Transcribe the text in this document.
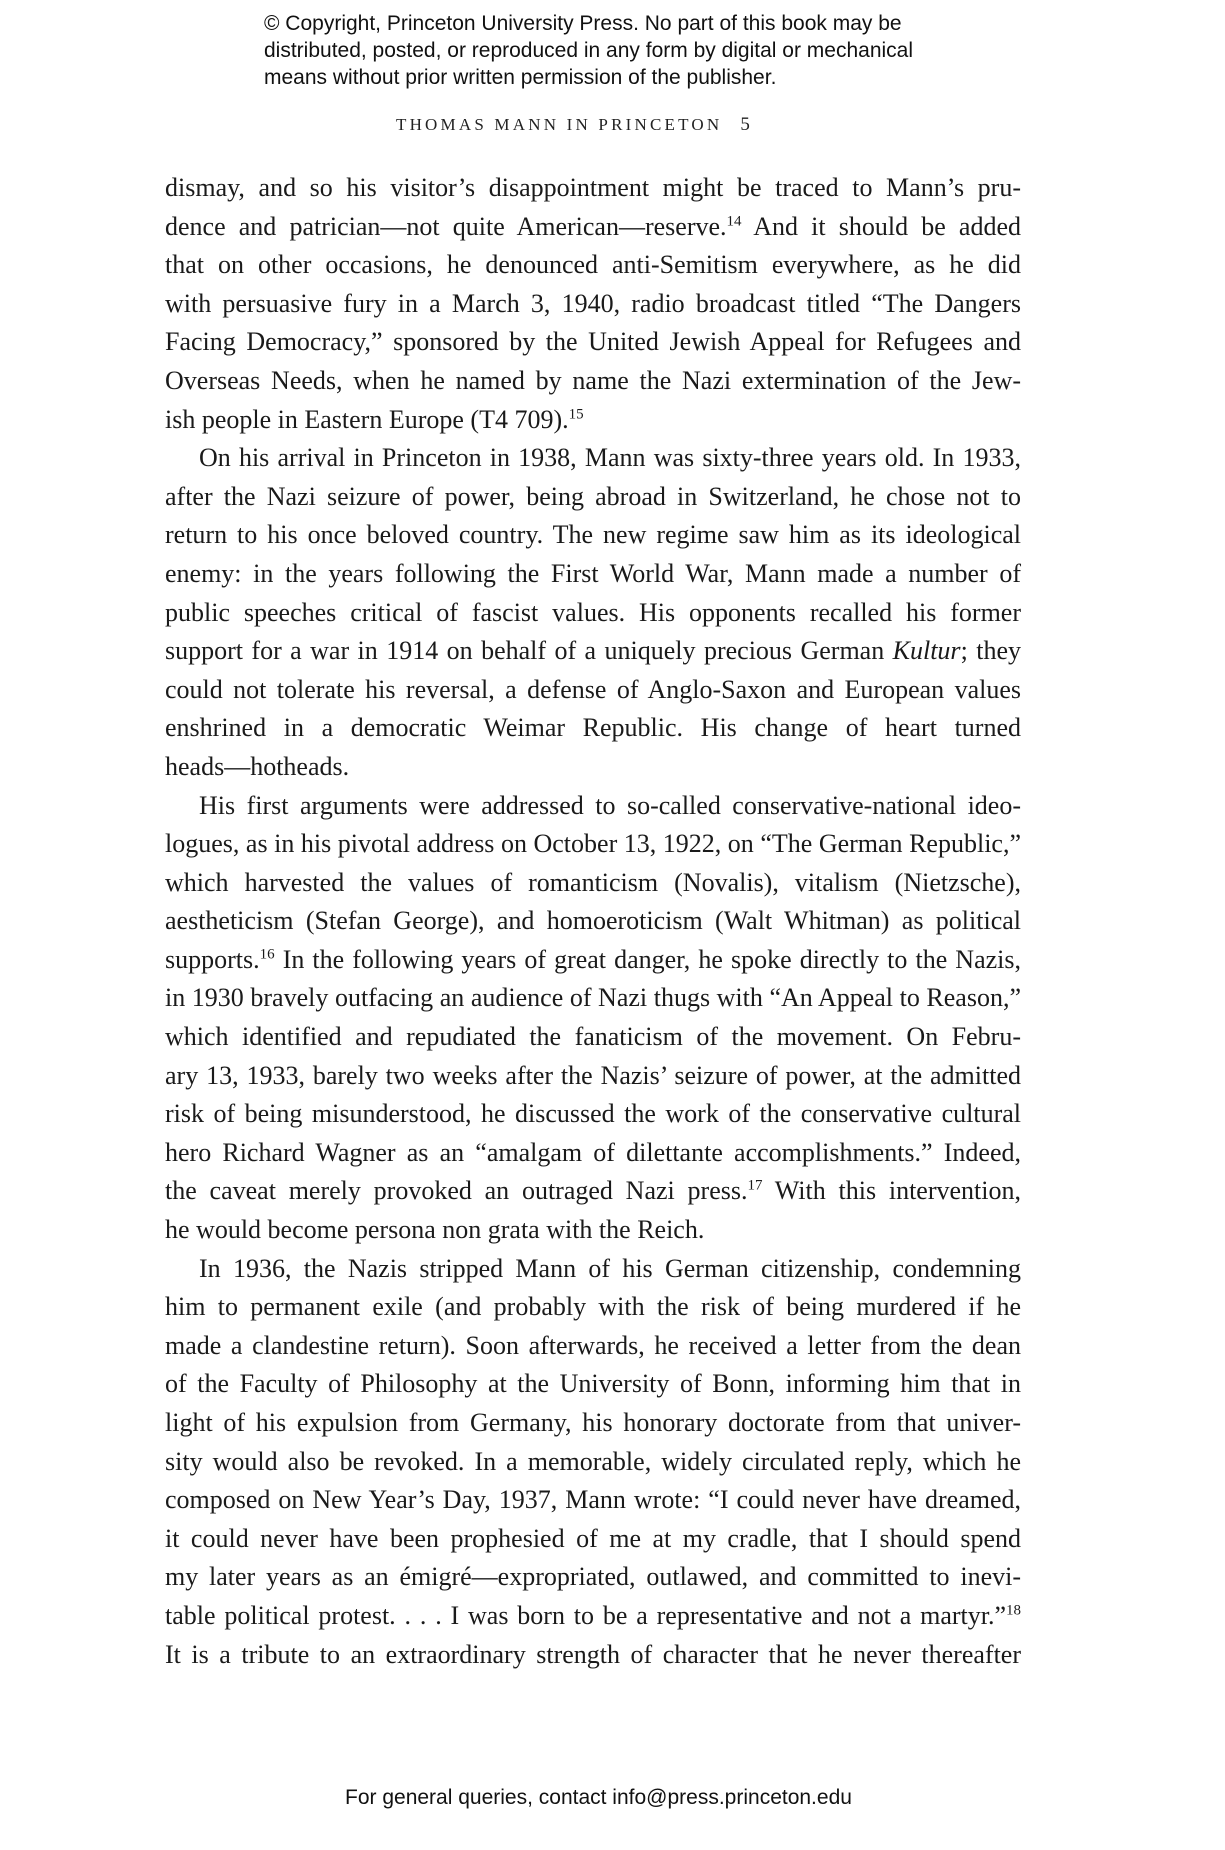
© Copyright, Princeton University Press. No part of this book may be
distributed, posted, or reproduced in any form by digital or mechanical
means without prior written permission of the publisher.
THOMAS MANN IN PRINCETON 5
dismay, and so his visitor’s disappointment might be traced to Mann’s pru-
dence and patrician—not quite American—reserve.$^{14}$ And it should be added
that on other occasions, he denounced anti-Semitism everywhere, as he did
with persuasive fury in a March 3, 1940, radio broadcast titled “The Dangers
Facing Democracy,” sponsored by the United Jewish Appeal for Refugees and
Overseas Needs, when he named by name the Nazi extermination of the Jew-
ish people in Eastern Europe (T4 709).$^{15}$
On his arrival in Princeton in 1938, Mann was sixty-three years old. In 1933,
after the Nazi seizure of power, being abroad in Switzerland, he chose not to
return to his once beloved country. The new regime saw him as its ideological
enemy: in the years following the First World War, Mann made a number of
public speeches critical of fascist values. His opponents recalled his former
support for a war in 1914 on behalf of a uniquely precious German Kultur; they
could not tolerate his reversal, a defense of Anglo-Saxon and European values
enshrined in a democratic Weimar Republic. His change of heart turned
heads—hotheads.
His first arguments were addressed to so-called conservative-national ideo-
logues, as in his pivotal address on October 13, 1922, on “The German Republic,”
which harvested the values of romanticism (Novalis), vitalism (Nietzsche),
aestheticism (Stefan George), and homoeroticism (Walt Whitman) as political
supports.$^{16}$ In the following years of great danger, he spoke directly to the Nazis,
in 1930 bravely outfacing an audience of Nazi thugs with “An Appeal to Reason,”
which identified and repudiated the fanaticism of the movement. On Febru-
ary 13, 1933, barely two weeks after the Nazis’ seizure of power, at the admitted
risk of being misunderstood, he discussed the work of the conservative cultural
hero Richard Wagner as an “amalgam of dilettante accomplishments.” Indeed,
the caveat merely provoked an outraged Nazi press.$^{17}$ With this intervention,
he would become persona non grata with the Reich.
In 1936, the Nazis stripped Mann of his German citizenship, condemning
him to permanent exile (and probably with the risk of being murdered if he
made a clandestine return). Soon afterwards, he received a letter from the dean
of the Faculty of Philosophy at the University of Bonn, informing him that in
light of his expulsion from Germany, his honorary doctorate from that univer-
sity would also be revoked. In a memorable, widely circulated reply, which he
composed on New Year’s Day, 1937, Mann wrote: “I could never have dreamed,
it could never have been prophesied of me at my cradle, that I should spend
my later years as an émigré—expropriated, outlawed, and committed to inevi-
table political protest. . . . I was born to be a representative and not a martyr.”$^{18}$
It is a tribute to an extraordinary strength of character that he never thereafter
For general queries, contact info@press.princeton.edu
